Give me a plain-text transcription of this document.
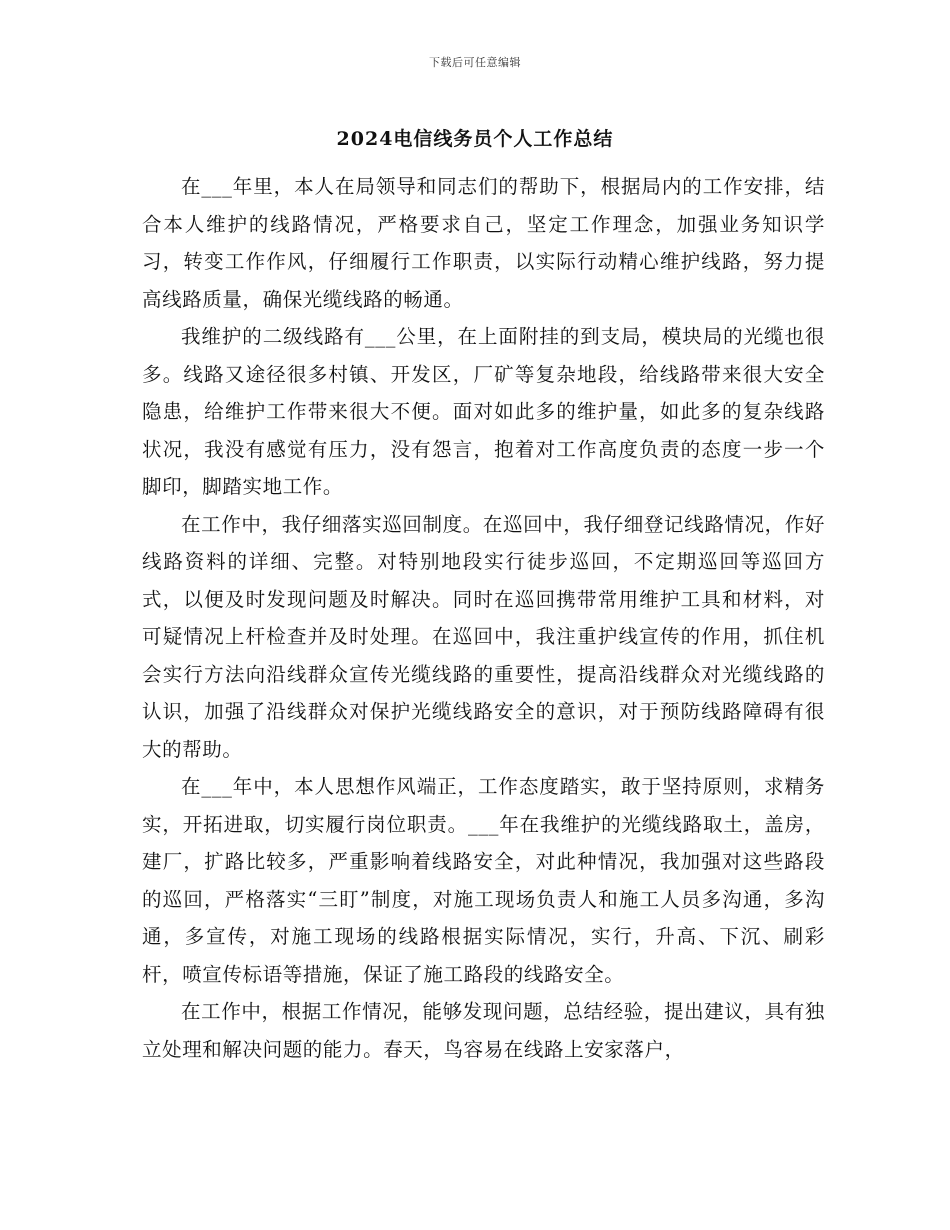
下载后可任意编辑
2024电信线务员个人工作总结

在___年里，本人在局领导和同志们的帮助下，根据局内的工作安排，结合本人维护的线路情况，严格要求自己，坚定工作理念，加强业务知识学习，转变工作作风，仔细履行工作职责，以实际行动精心维护线路，努力提高线路质量，确保光缆线路的畅通。

我维护的二级线路有___公里，在上面附挂的到支局，模块局的光缆也很多。线路又途径很多村镇、开发区，厂矿等复杂地段，给线路带来很大安全隐患，给维护工作带来很大不便。面对如此多的维护量，如此多的复杂线路状况，我没有感觉有压力，没有怨言，抱着对工作高度负责的态度一步一个脚印，脚踏实地工作。

在工作中，我仔细落实巡回制度。在巡回中，我仔细登记线路情况，作好线路资料的详细、完整。对特别地段实行徒步巡回，不定期巡回等巡回方式，以便及时发现问题及时解决。同时在巡回携带常用维护工具和材料，对可疑情况上杆检查并及时处理。在巡回中，我注重护线宣传的作用，抓住机会实行方法向沿线群众宣传光缆线路的重要性，提高沿线群众对光缆线路的认识，加强了沿线群众对保护光缆线路安全的意识，对于预防线路障碍有很大的帮助。

在___年中，本人思想作风端正，工作态度踏实，敢于坚持原则，求精务实，开拓进取，切实履行岗位职责。___年在我维护的光缆线路取土，盖房，建厂，扩路比较多，严重影响着线路安全，对此种情况，我加强对这些路段的巡回，严格落实“三盯”制度，对施工现场负责人和施工人员多沟通，多沟通，多宣传，对施工现场的线路根据实际情况，实行，升高、下沉、刷彩杆，喷宣传标语等措施，保证了施工路段的线路安全。

在工作中，根据工作情况，能够发现问题，总结经验，提出建议，具有独立处理和解决问题的能力。春天，鸟容易在线路上安家落户，
